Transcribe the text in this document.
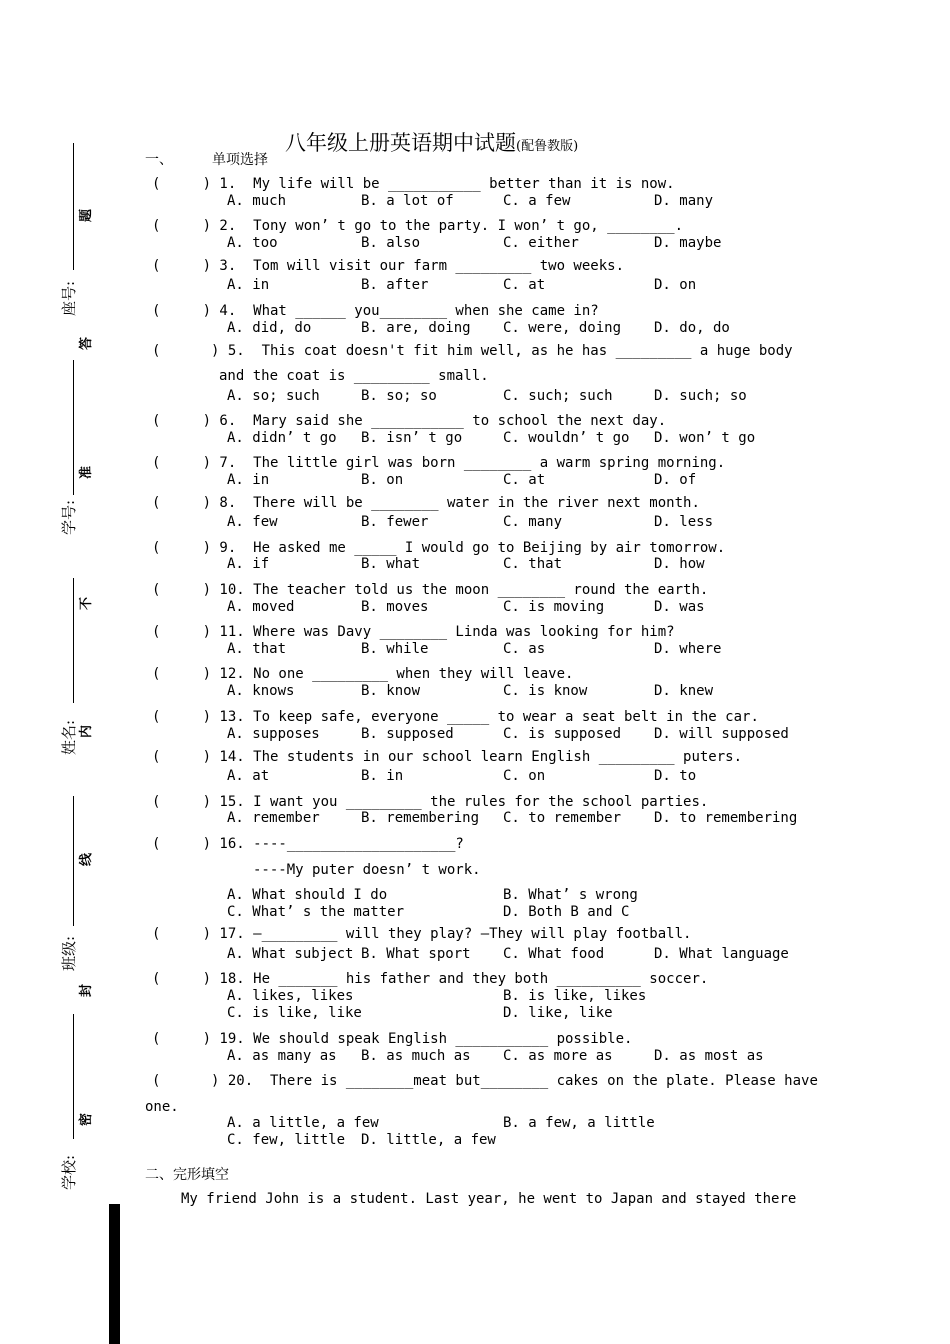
八年级上册英语期中试题(配鲁教版)
一、	单项选择
座号:
学号:
姓名:
班级:
学校:
题
答
准
不
内
线
封
密
(     ) 1.  My life will be ___________ better than it is now.
A. much	B. a lot of	C. a few	D. many
(     ) 2.  Tony won’ t go to the party. I won’ t go, ________.
A. too	B. also	C. either	D. maybe
(     ) 3.  Tom will visit our farm _________ two weeks.
A. in	B. after	C. at	D. on
(     ) 4.  What ______ you________ when she came in?
A. did, do	B. are, doing C. were, doing D. do, do
(      ) 5.  This coat doesn't fit him well, as he has _________ a huge body
and the coat is _________ small.
A. so; such	B. so; so	C. such; such	D. such; so
(     ) 6.  Mary said she ___________ to school the next day.
A. didn’ t go B. isn’ t go	C. wouldn’ t go D. won’ t go
(     ) 7.  The little girl was born ________ a warm spring morning.
A. in	B. on	C. at	D. of
(     ) 8.  There will be ________ water in the river next month.
A. few	B. fewer	C. many	D. less
(     ) 9.  He asked me _____ I would go to Beijing by air tomorrow.
A. if	B. what	C. that	D. how
(     ) 10. The teacher told us the moon ________ round the earth.
A. moved	B. moves	C. is moving	D. was
(     ) 11. Where was Davy ________ Linda was looking for him?
A. that	B. while	C. as	D. where
(     ) 12. No one _________ when they will leave.
A. knows	B. know	C. is know	D. knew
(     ) 13. To keep safe, everyone _____ to wear a seat belt in the car.
A. supposes	B. supposed	C. is supposed D. will supposed
(     ) 14. The students in our school learn English _________ puters.
A. at	B. in	C. on	D. to
(     ) 15. I want you _________ the rules for the school parties.
A. remember	B. remembering C. to remember D. to remembering
(     ) 16. ----____________________?
----My puter doesn’ t work.
A. What should I do	B. What’ s wrong
C. What’ s the matter	D. Both B and C
(     ) 17. —_________ will they play? —They will play football.
A. What subject B. What sport C. What food	D. What language
(     ) 18. He _______ his father and they both __________ soccer.
A. likes, likes	B. is like, likes
C. is like, like	D. like, like
(     ) 19. We should speak English ___________ possible.
A. as many as B. as much as C. as more as	D. as most as
(      ) 20.  There is ________meat but________ cakes on the plate. Please have
one.
A. a little, a few	B. a few, a little
C. few, little D. little, a few
二、完形填空
My friend John is a student. Last year, he went to Japan and stayed there
